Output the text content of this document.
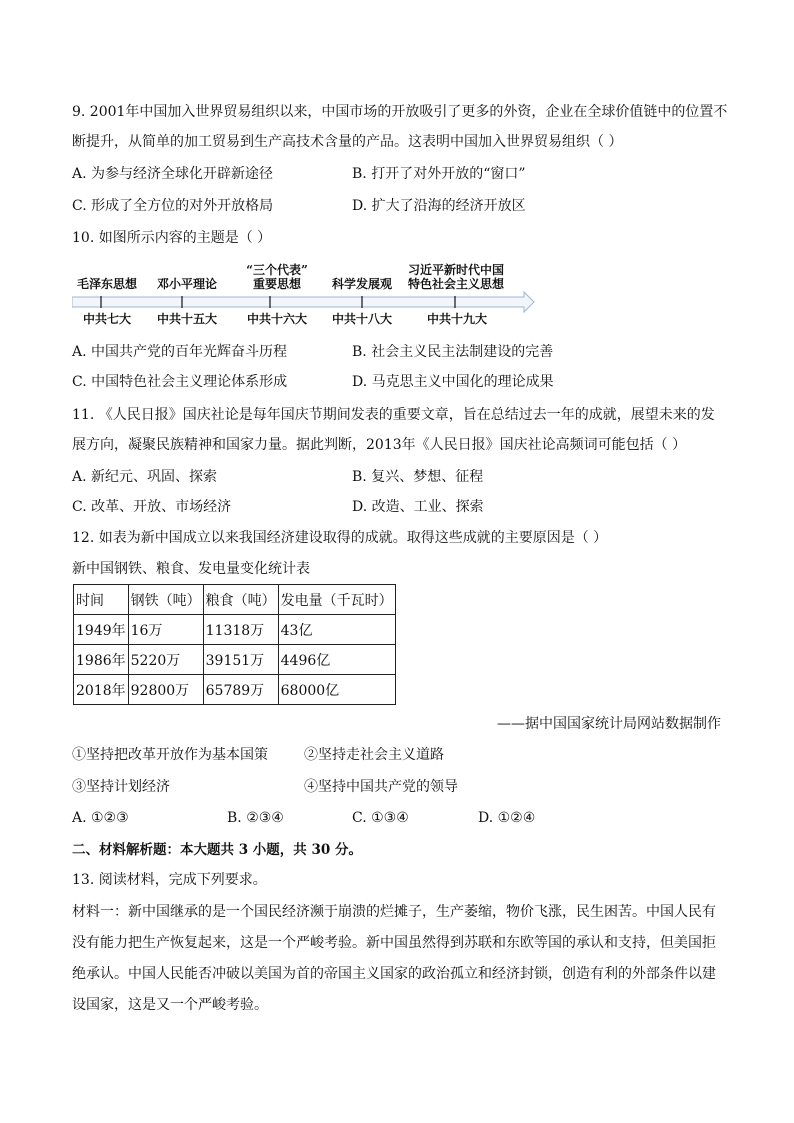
9. 2001年中国加入世界贸易组织以来，中国市场的开放吸引了更多的外资，企业在全球价值链中的位置不
断提升，从简单的加工贸易到生产高技术含量的产品。这表明中国加入世界贸易组织（ ）
A. 为参与经济全球化开辟新途径	B. 打开了对外开放的“窗口”
C. 形成了全方位的对外开放格局	D. 扩大了沿海的经济开放区
10. 如图所示内容的主题是（ ）
毛泽东思想	邓小平理论
“三个代表”
重要思想	科学发展观
习近平新时代中国
特色社会主义思想
中共七大	中共十五大	中共十六大	中共十八大	中共十九大
A. 中国共产党的百年光辉奋斗历程	B. 社会主义民主法制建设的完善
C. 中国特色社会主义理论体系形成	D. 马克思主义中国化的理论成果
11. 《人民日报》国庆社论是每年国庆节期间发表的重要文章，旨在总结过去一年的成就，展望未来的发
展方向，凝聚民族精神和国家力量。据此判断，2013年《人民日报》国庆社论高频词可能包括（ ）
A. 新纪元、巩固、探索	B. 复兴、梦想、征程
C. 改革、开放、市场经济	D. 改造、工业、探索
12. 如表为新中国成立以来我国经济建设取得的成就。取得这些成就的主要原因是（ ）
新中国钢铁、粮食、发电量变化统计表
时间	钢铁（吨）	粮食（吨）	发电量（千瓦时）
1949年	16万	11318万	43亿
1986年	5220万	39151万	4496亿
2018年	92800万	65789万	68000亿
——据中国国家统计局网站数据制作
①坚持把改革开放作为基本国策	②坚持走社会主义道路
③坚持计划经济	④坚持中国共产党的领导
A. ①②③	B. ②③④	C. ①③④	D. ①②④
二、材料解析题：本大题共 3 小题，共 30 分。
13. 阅读材料，完成下列要求。
材料一：新中国继承的是一个国民经济濒于崩溃的烂摊子，生产萎缩，物价飞涨，民生困苦。中国人民有
没有能力把生产恢复起来，这是一个严峻考验。新中国虽然得到苏联和东欧等国的承认和支持，但美国拒
绝承认。中国人民能否冲破以美国为首的帝国主义国家的政治孤立和经济封锁，创造有利的外部条件以建
设国家，这是又一个严峻考验。
